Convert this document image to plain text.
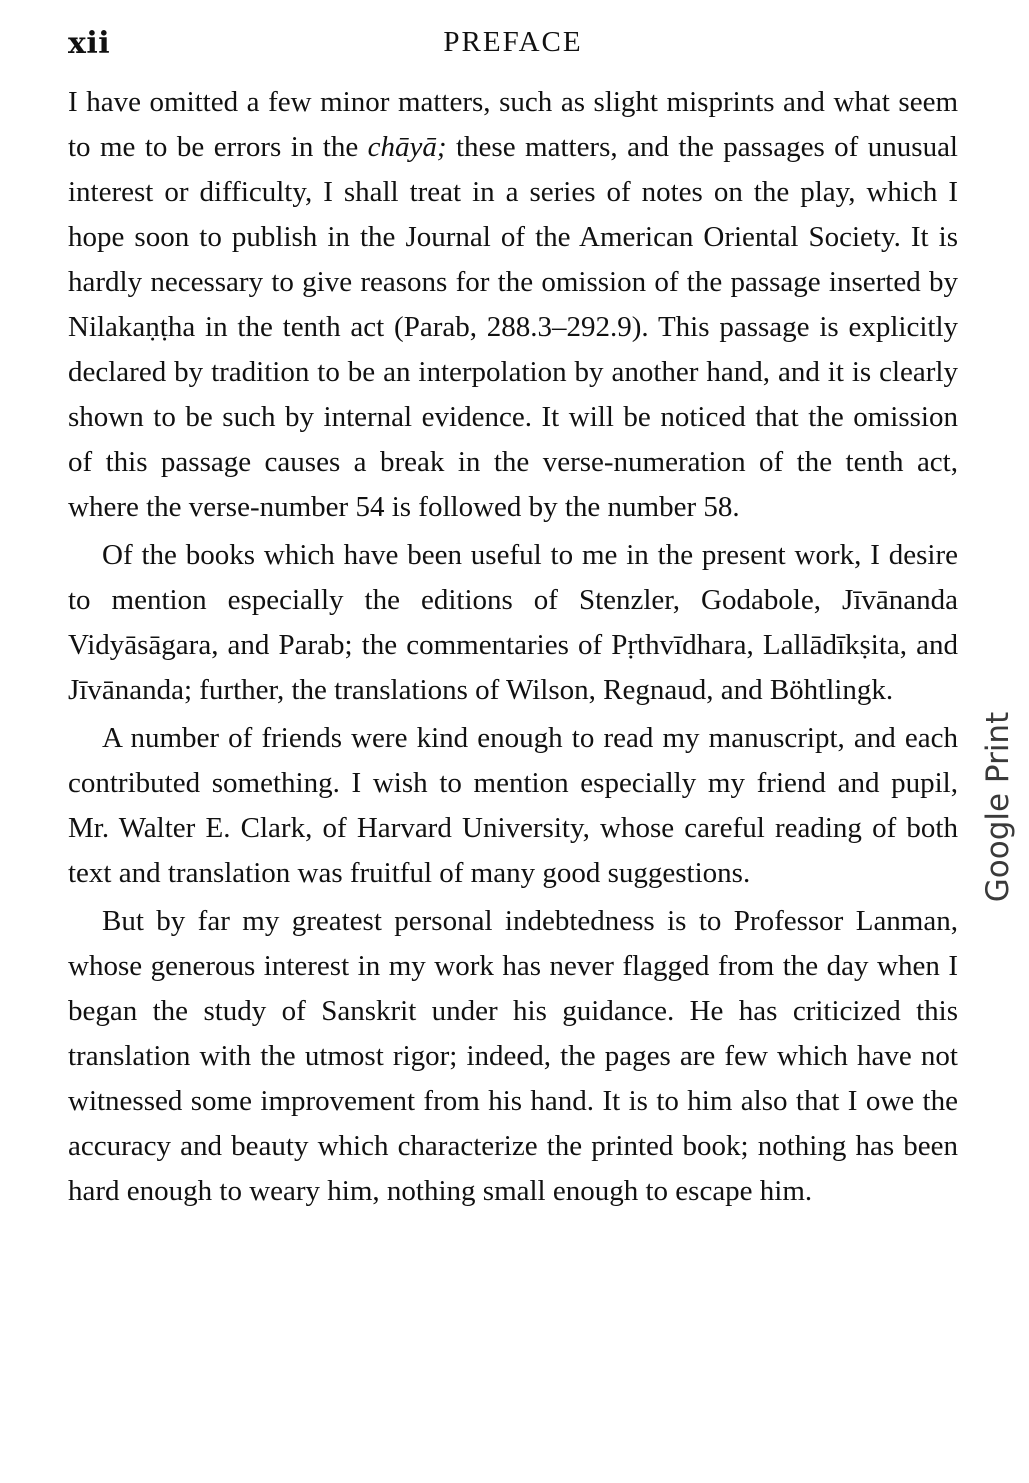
xii	PREFACE

I have omitted a few minor matters, such as slight misprints and what seem to me to be errors in the chāyā; these matters, and the passages of unusual interest or difficulty, I shall treat in a series of notes on the play, which I hope soon to publish in the Journal of the American Oriental Society. It is hardly necessary to give reasons for the omission of the passage inserted by Nilakaṇṭha in the tenth act (Parab, 288.3–292.9). This passage is explicitly declared by tradition to be an interpolation by another hand, and it is clearly shown to be such by internal evidence. It will be noticed that the omission of this passage causes a break in the verse-numeration of the tenth act, where the verse-number 54 is followed by the number 58.

Of the books which have been useful to me in the present work, I desire to mention especially the editions of Stenzler, Godabole, Jīvānanda Vidyāsāgara, and Parab; the commentaries of Pṛthvīdhara, Lallādīkṣita, and Jīvānanda; further, the translations of Wilson, Regnaud, and Böhtlingk.

A number of friends were kind enough to read my manuscript, and each contributed something. I wish to mention especially my friend and pupil, Mr. Walter E. Clark, of Harvard University, whose careful reading of both text and translation was fruitful of many good suggestions.

But by far my greatest personal indebtedness is to Professor Lanman, whose generous interest in my work has never flagged from the day when I began the study of Sanskrit under his guidance. He has criticized this translation with the utmost rigor; indeed, the pages are few which have not witnessed some improvement from his hand. It is to him also that I owe the accuracy and beauty which characterize the printed book; nothing has been hard enough to weary him, nothing small enough to escape him.

Google Print
